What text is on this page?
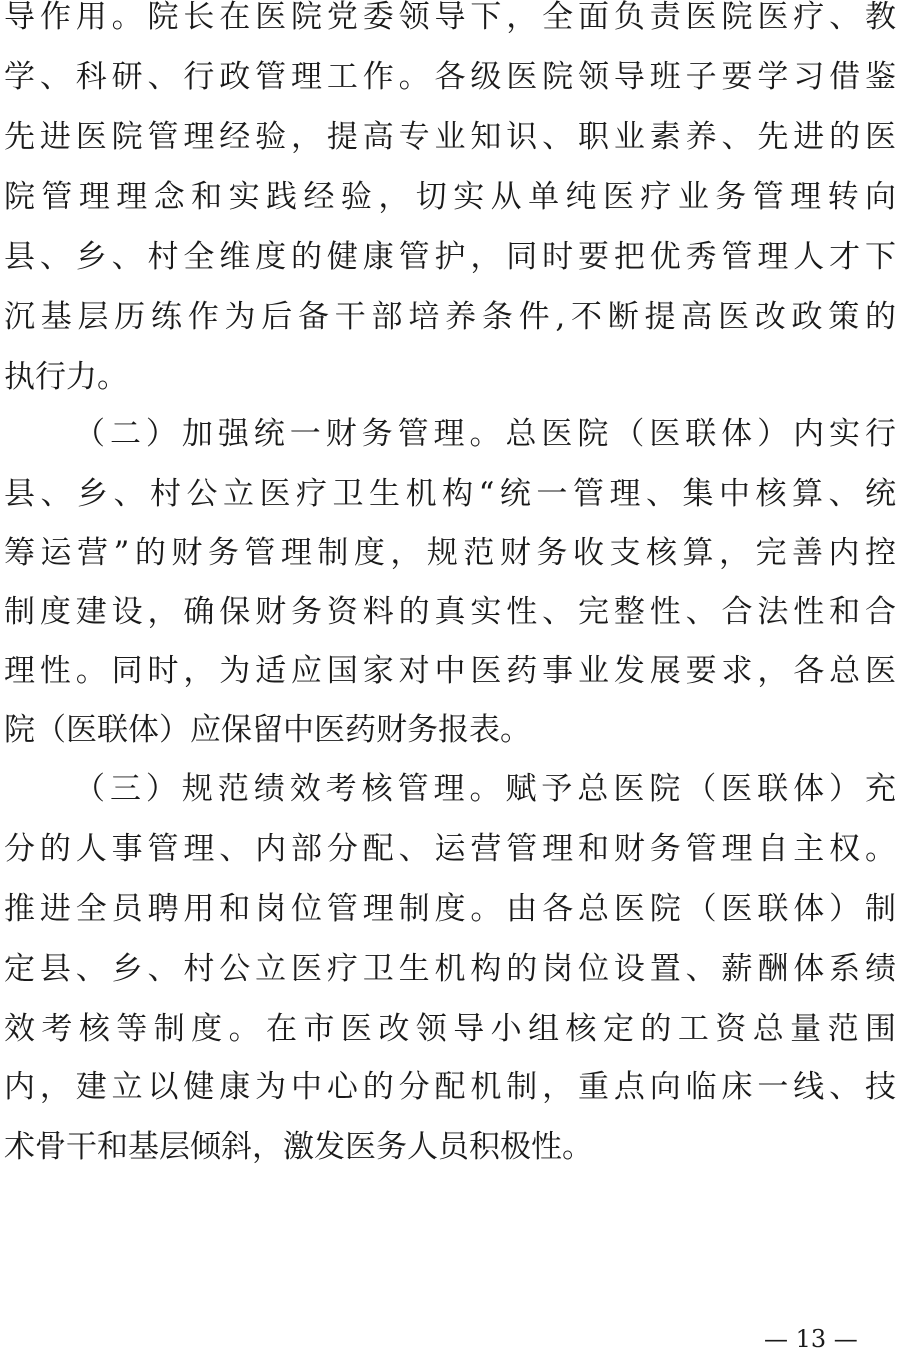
导作用。院长在医院党委领导下，全面负责医院医疗、教
学、科研、行政管理工作。各级医院领导班子要学习借鉴
先进医院管理经验，提高专业知识、职业素养、先进的医
院管理理念和实践经验，切实从单纯医疗业务管理转向
县、乡、村全维度的健康管护，同时要把优秀管理人才下
沉基层历练作为后备干部培养条件,不断提高医改政策的
执行力。
（二）加强统一财务管理。总医院（医联体）内实行
县、乡、村公立医疗卫生机构“统一管理、集中核算、统
筹运营”的财务管理制度，规范财务收支核算，完善内控
制度建设，确保财务资料的真实性、完整性、合法性和合
理性。同时，为适应国家对中医药事业发展要求，各总医
院（医联体）应保留中医药财务报表。
（三）规范绩效考核管理。赋予总医院（医联体）充
分的人事管理、内部分配、运营管理和财务管理自主权。
推进全员聘用和岗位管理制度。由各总医院（医联体）制
定县、乡、村公立医疗卫生机构的岗位设置、薪酬体系绩
效考核等制度。在市医改领导小组核定的工资总量范围
内，建立以健康为中心的分配机制，重点向临床一线、技
术骨干和基层倾斜，激发医务人员积极性。
— 13 —
